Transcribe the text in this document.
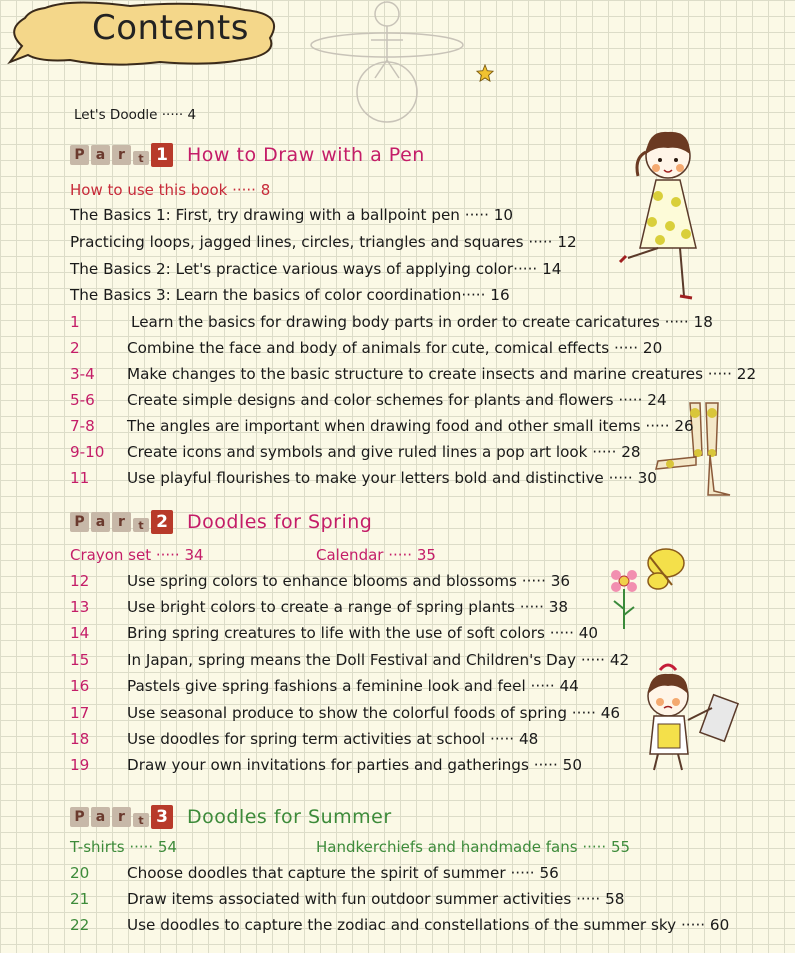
Contents
Let's Doodle ····· 4
P a r	t 1 How to Draw with a Pen
How to use this book ····· 8
The Basics 1: First, try drawing with a ballpoint pen ····· 10
Practicing loops, jagged lines, circles, triangles and squares ····· 12
The Basics 2: Let's practice various ways of applying color····· 14
The Basics 3: Learn the basics of color coordination····· 16
1	Learn the basics for drawing body parts in order to create caricatures ····· 18
2	Combine the face and body of animals for cute, comical effects ····· 20
3-4 Make changes to the basic structure to create insects and marine creatures ····· 22
5-6 Create simple designs and color schemes for plants and flowers ····· 24
7-8 The angles are important when drawing food and other small items ····· 26
9-10 Create icons and symbols and give ruled lines a pop art look ····· 28
11 Use playful flourishes to make your letters bold and distinctive ····· 30
P a r	t 2 Doodles for Spring
Crayon set ····· 34	Calendar ····· 35
12 Use spring colors to enhance blooms and blossoms ····· 36
13 Use bright colors to create a range of spring plants ····· 38
14 Bring spring creatures to life with the use of soft colors ····· 40
15 In Japan, spring means the Doll Festival and Children's Day ····· 42
16 Pastels give spring fashions a feminine look and feel ····· 44
17 Use seasonal produce to show the colorful foods of spring ····· 46
18 Use doodles for spring term activities at school ····· 48
19 Draw your own invitations for parties and gatherings ····· 50
P a r	t 3 Doodles for Summer
T-shirts ····· 54	Handkerchiefs and handmade fans ····· 55
20 Choose doodles that capture the spirit of summer ····· 56
21 Draw items associated with fun outdoor summer activities ····· 58
22 Use doodles to capture the zodiac and constellations of the summer sky ····· 60
